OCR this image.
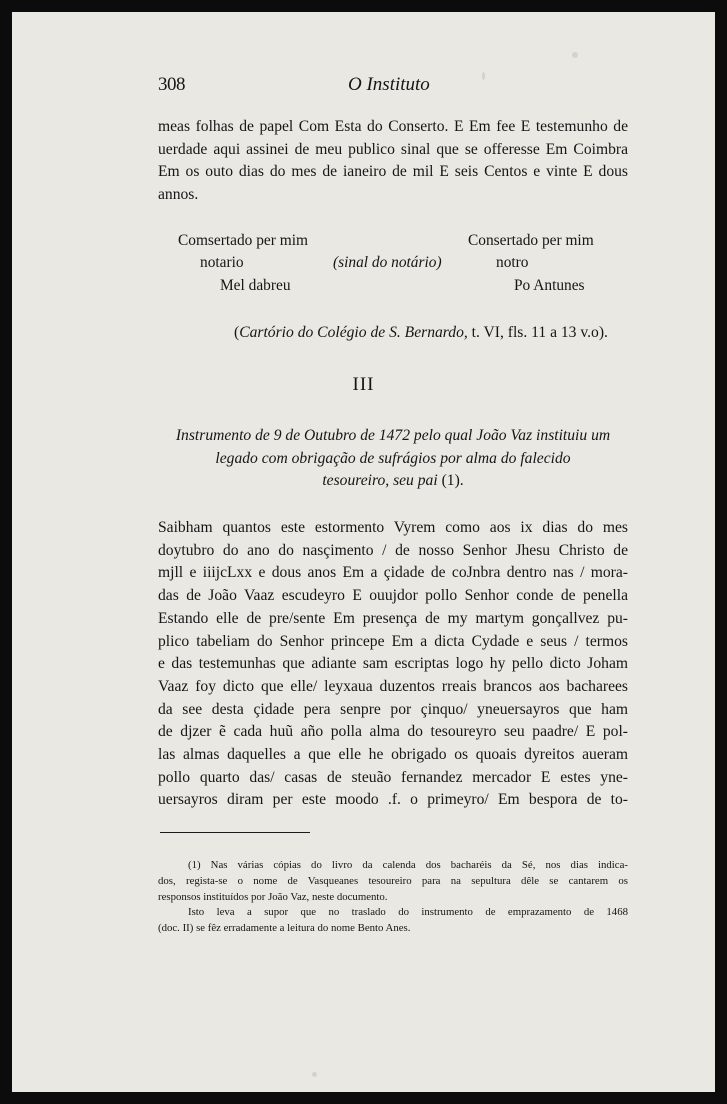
308	O Instituto
meas folhas de papel Com Esta do Conserto. E Em fee E testemunho de uerdade aqui assinei de meu publico sinal que se offeresse Em Coimbra Em os outo dias do mes de ianeiro de mil E seis Centos e vinte E dous annos.
Comsertado per mim
notario
Mel dabreu
(sinal do notário)
Consertado per mim
notro
Po Antunes
(Cartório do Colégio de S. Bernardo, t. VI, fls. 11 a 13 v.o).
III
Instrumento de 9 de Outubro de 1472 pelo qual João Vaz instituiu um
legado com obrigação de sufrágios por alma do falecido
tesoureiro, seu pai (1).
Saibham quantos este estormento Vyrem como aos ix dias do mes
doytubro do ano do nasçimento / de nosso Senhor Jhesu Christo de
mjll e iiijcLxx e dous anos Em a çidade de coJnbra dentro nas / mora-
das de João Vaaz escudeyro E ouujdor pollo Senhor conde de penella
Estando elle de pre/sente Em presença de my martym gonçallvez pu-
plico tabeliam do Senhor princepe Em a dicta Cydade e seus / termos
e das testemunhas que adiante sam escriptas logo hy pello dicto Joham
Vaaz foy dicto que elle/ leyxaua duzentos rreais brancos aos bacharees
da see desta çidade pera senpre por çinquo/ yneuersayros que ham
de djzer ẽ cada huũ año polla alma do tesoureyro seu paadre/ E pol-
las almas daquelles a que elle he obrigado os quoais dyreitos aueram
pollo quarto das/ casas de steuão fernandez mercador E estes yne-
uersayros diram per este moodo .f. o primeyro/ Em bespora de to-
(1) Nas várias cópias do livro da calenda dos bacharéis da Sé, nos dias indica-
dos, regista-se o nome de Vasqueanes tesoureiro para na sepultura dêle se cantarem os
responsos instituídos por João Vaz, neste documento.
Isto leva a supor que no traslado do instrumento de emprazamento de 1468
(doc. II) se fêz erradamente a leitura do nome Bento Anes.
